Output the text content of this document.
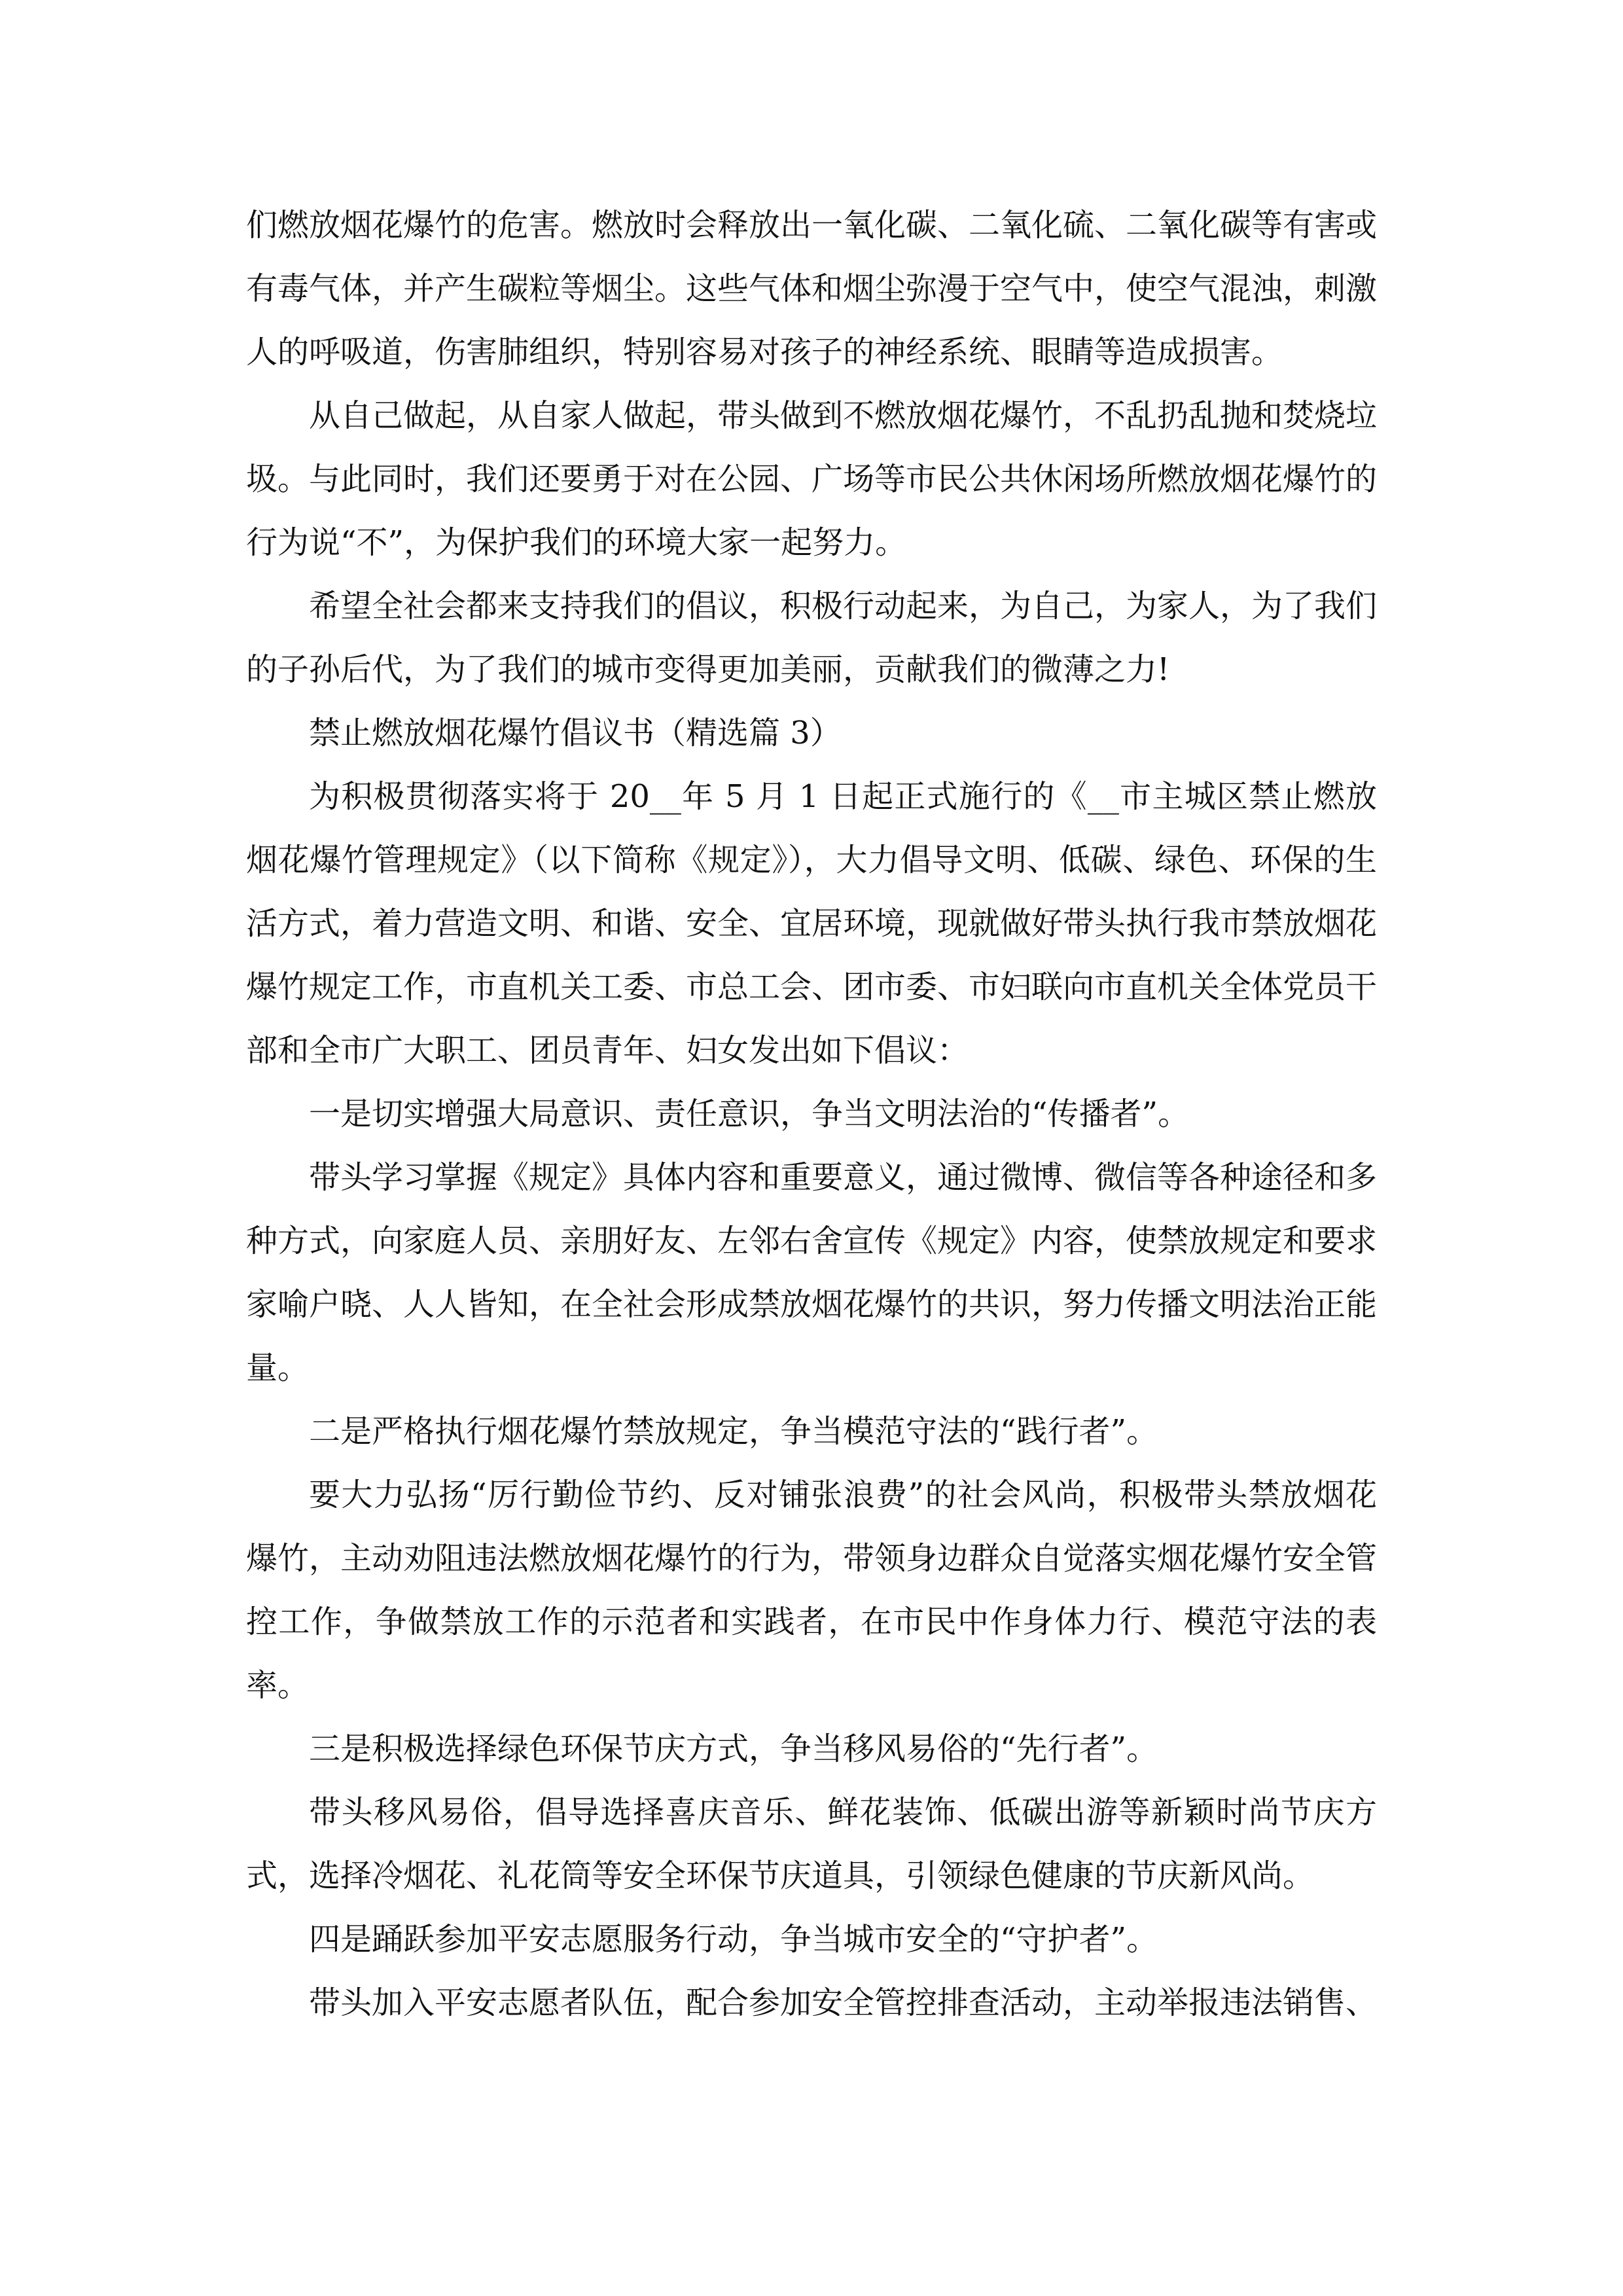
们燃放烟花爆竹的危害。燃放时会释放出一氧化碳、二氧化硫、二氧化碳等有害或有毒气体，并产生碳粒等烟尘。这些气体和烟尘弥漫于空气中，使空气混浊，刺激人的呼吸道，伤害肺组织，特别容易对孩子的神经系统、眼睛等造成损害。

从自己做起，从自家人做起，带头做到不燃放烟花爆竹，不乱扔乱抛和焚烧垃圾。与此同时，我们还要勇于对在公园、广场等市民公共休闲场所燃放烟花爆竹的行为说“不”，为保护我们的环境大家一起努力。

希望全社会都来支持我们的倡议，积极行动起来，为自己，为家人，为了我们的子孙后代，为了我们的城市变得更加美丽，贡献我们的微薄之力!

禁止燃放烟花爆竹倡议书（精选篇 3）

为积极贯彻落实将于 20__年 5 月 1 日起正式施行的《__市主城区禁止燃放烟花爆竹管理规定》（以下简称《规定》），大力倡导文明、低碳、绿色、环保的生活方式，着力营造文明、和谐、安全、宜居环境，现就做好带头执行我市禁放烟花爆竹规定工作，市直机关工委、市总工会、团市委、市妇联向市直机关全体党员干部和全市广大职工、团员青年、妇女发出如下倡议：

一是切实增强大局意识、责任意识，争当文明法治的“传播者”。

带头学习掌握《规定》具体内容和重要意义，通过微博、微信等各种途径和多种方式，向家庭人员、亲朋好友、左邻右舍宣传《规定》内容，使禁放规定和要求家喻户晓、人人皆知，在全社会形成禁放烟花爆竹的共识，努力传播文明法治正能量。

二是严格执行烟花爆竹禁放规定，争当模范守法的“践行者”。

要大力弘扬“厉行勤俭节约、反对铺张浪费”的社会风尚，积极带头禁放烟花爆竹，主动劝阻违法燃放烟花爆竹的行为，带领身边群众自觉落实烟花爆竹安全管控工作，争做禁放工作的示范者和实践者，在市民中作身体力行、模范守法的表率。

三是积极选择绿色环保节庆方式，争当移风易俗的“先行者”。

带头移风易俗，倡导选择喜庆音乐、鲜花装饰、低碳出游等新颖时尚节庆方式，选择冷烟花、礼花筒等安全环保节庆道具，引领绿色健康的节庆新风尚。

四是踊跃参加平安志愿服务行动，争当城市安全的“守护者”。

带头加入平安志愿者队伍，配合参加安全管控排查活动，主动举报违法销售、
